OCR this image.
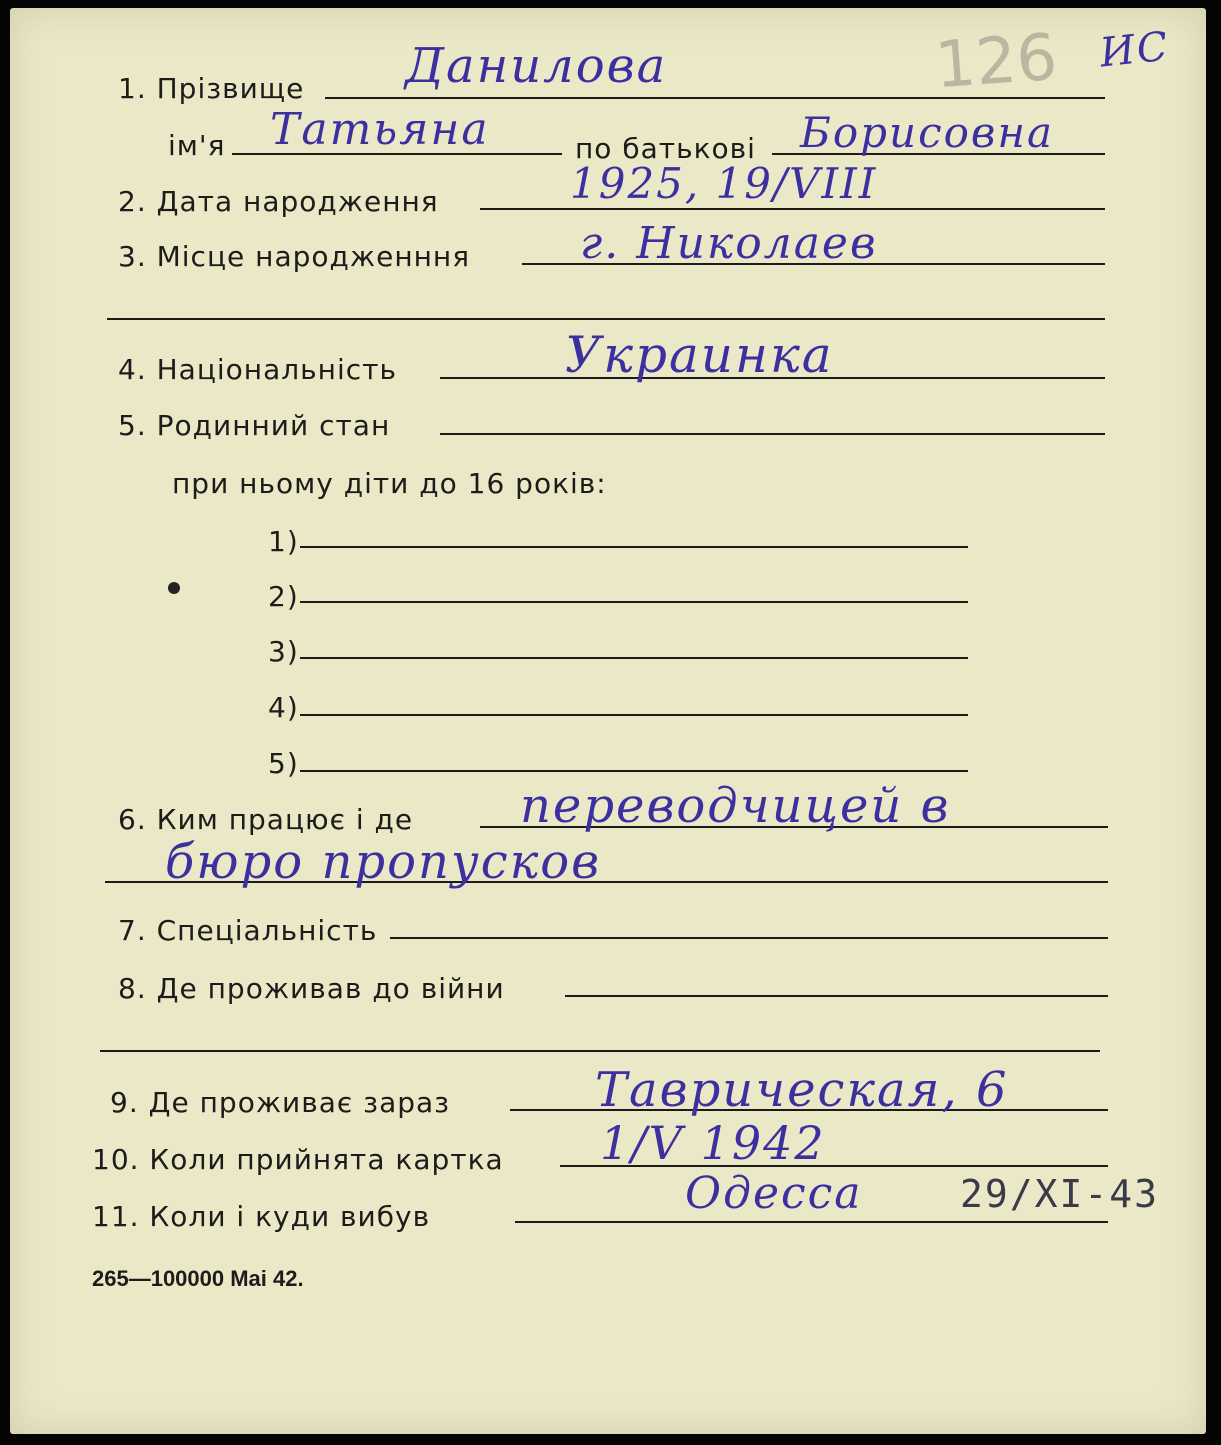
126 ИС
1. Прізвище Данилова
ім'я Татьяна	по батькові Борисовна
2. Дата народження	1925, 19/VIII
3. Місце народженння г. Николаев
4. Національність	Украинка
5. Родинний стан
при ньому діти до 16 років:
1)
2)
3)
4)
5)
6. Ким працює і де переводчицей в
бюро пропусков
7. Спеціальність
8. Де проживав до війни
9. Де проживає зараз	Таврическая, 6
10. Коли прийнята картка 1/V 1942
11. Коли і куди вибув	Одесса	29/XI-43
265—100000 Mai 42.
